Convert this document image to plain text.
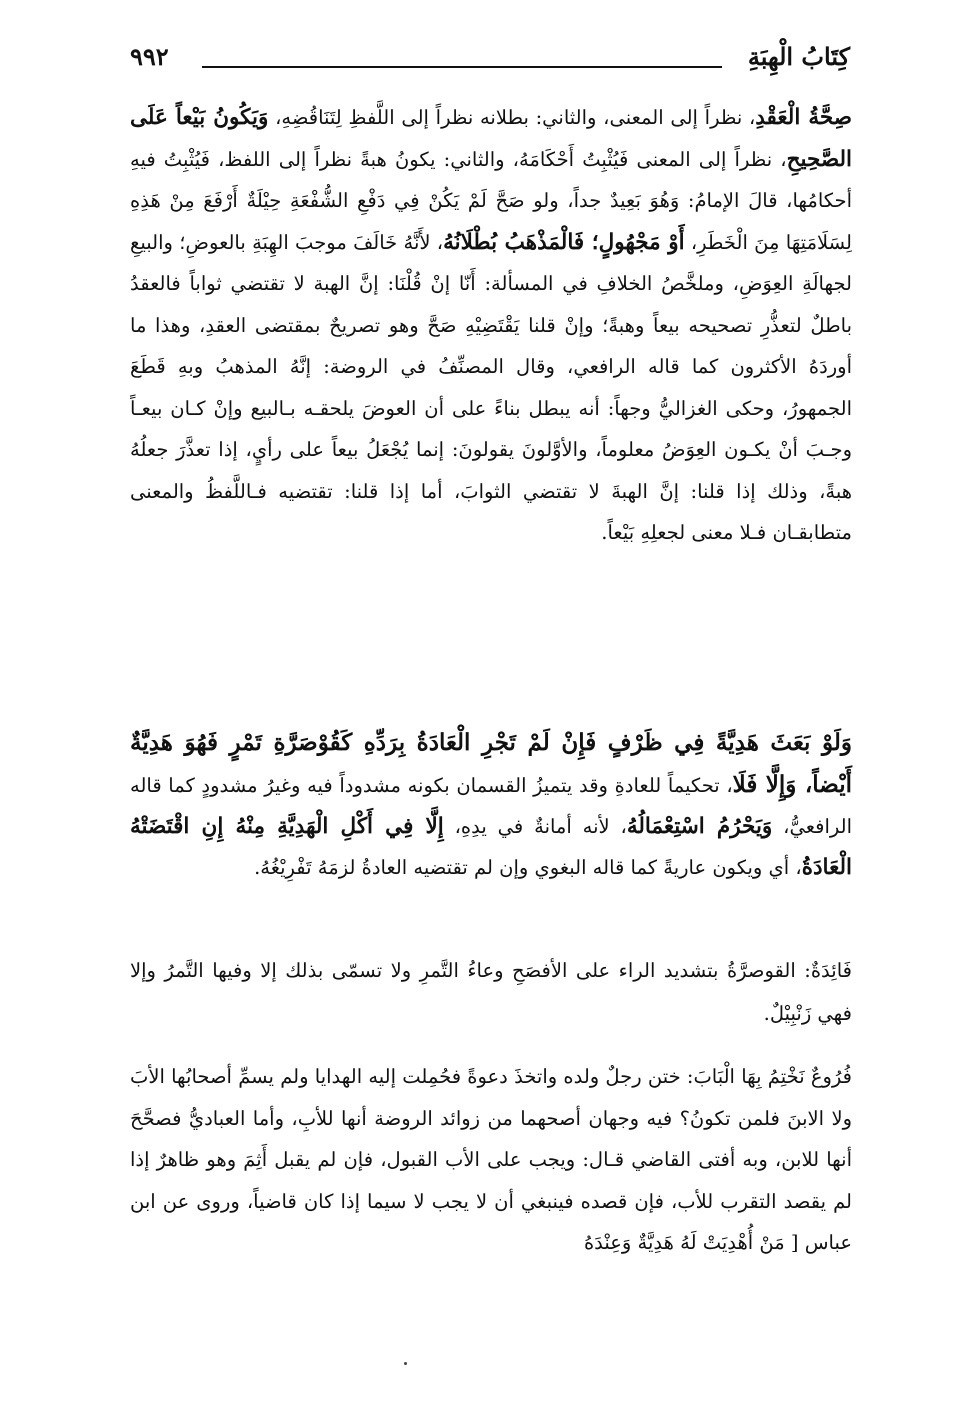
كِتَابُ الْهِبَةِ
٩٩٢

صِحَّةُ الْعَقْدِ، نظراً إلى المعنى، والثاني: بطلانه نظراً إلى اللَّفظِ لِتَنَاقُضِهِ، وَيَكُونُ بَيْعاً عَلَى الصَّحِيحِ، نظراً إلى المعنى فَيُثْبِتُ أَحْكَامَهُ، والثاني: يكونُ هبةً نظراً إلى اللفظ، فَيُثْبِتُ فيهِ أحكامُها، قالَ الإمامُ: وَهُوَ بَعِيدٌ جداً، ولو صَحَّ لَمْ يَكُنْ فِي دَفْعِ الشُّفْعَةِ حِيْلَةٌ أَرْفَعَ مِنْ هَذِهِ لِسَلَامَتِهَا مِنَ الْخَطَرِ، أَوْ مَجْهُولٍ؛ فَالْمَذْهَبُ بُطْلَانُهُ، لأَنَّهُ خَالَفَ موجبَ الهِبَةِ بالعوضِ؛ والبيعِ لجهالَةِ العِوَضِ، وملخَّصُ الخلافِ في المسألة: أَنّا إنْ قُلْنَا: إنَّ الهبة لا تقتضي ثواباً فالعقدُ باطلٌ لتعذُّرِ تصحيحه بيعاً وهبةً؛ وإنْ قلنا يَقْتَضِيْهِ صَحَّ وهو تصريحٌ بمقتضى العقدِ، وهذا ما أوردَهُ الأكثرون كما قاله الرافعي، وقال المصنِّفُ في الروضة: إنَّهُ المذهبُ وبهِ قَطَعَ الجمهورُ، وحكى الغزاليُّ وجهاً: أنه يبطل بناءً على أن العوضَ يلحقـه بـالبيع وإنْ كـان بيعـاً وجـبَ أنْ يكـون العِوَضُ معلوماً، والأوَّلونَ يقولونَ: إنما يُجْعَلُ بيعاً على رأيٍ، إذا تعذَّرَ جعلُهُ هبةً، وذلك إذا قلنا: إنَّ الهبةَ لا تقتضي الثوابَ، أما إذا قلنا: تقتضيه فـاللَّفظُ والمعنى متطابقـان فـلا معنى لجعلِهِ بَيْعاً.

وَلَوْ بَعَثَ هَدِيَّةً فِي ظَرْفٍ فَإِنْ لَمْ تَجْرِ الْعَادَةُ بِرَدِّهِ كَقُوْصَرَّةِ تَمْرٍ فَهُوَ هَدِيَّةٌ أَيْضاً، وَإِلَّا فَلَا، تحكيماً للعادةِ وقد يتميزُ القسمان بكونه مشدوداً فيه وغيرُ مشدودٍ كما قاله الرافعيُّ، وَيَحْرُمُ اسْتِعْمَالُهُ، لأنه أمانةٌ في يدِهِ، إِلَّا فِي أَكْلِ الْهَدِيَّةِ مِنْهُ إِنِ اقْتَضَتْهُ الْعَادَةُ، أي ويكون عاريةً كما قاله البغوي وإن لم تقتضيه العادةُ لزمَهُ تَفْرِيْغُهُ.

فَائِدَةٌ: القوصرَّةُ بتشديد الراء على الأفصَحِ وعاءُ التَّمرِ ولا تسمّى بذلك إلا وفيها التَّمرُ وإلا فهي زَنْبِيْلٌ.

فُرُوعٌ نَخْتِمُ بِهَا الْبَابَ: ختن رجلٌ ولده واتخذَ دعوةً فحُمِلت إليه الهدايا ولم يسمِّ أصحابُها الأبَ ولا الابنَ فلمن تكونُ؟ فيه وجهان أصحهما من زوائد الروضة أنها للأبِ، وأما العباديُّ فصحَّحَ أنها للابن، وبه أفتى القاضي قـال: ويجب على الأب القبول، فإن لم يقبل أَثِمَ وهو ظاهرٌ إذا لم يقصد التقرب للأب، فإن قصده فينبغي أن لا يجب لا سيما إذا كان قاضياً، وروى عن ابن عباس [ مَنْ أُهْدِيَتْ لَهُ هَدِيَّةٌ وَعِنْدَهُ
